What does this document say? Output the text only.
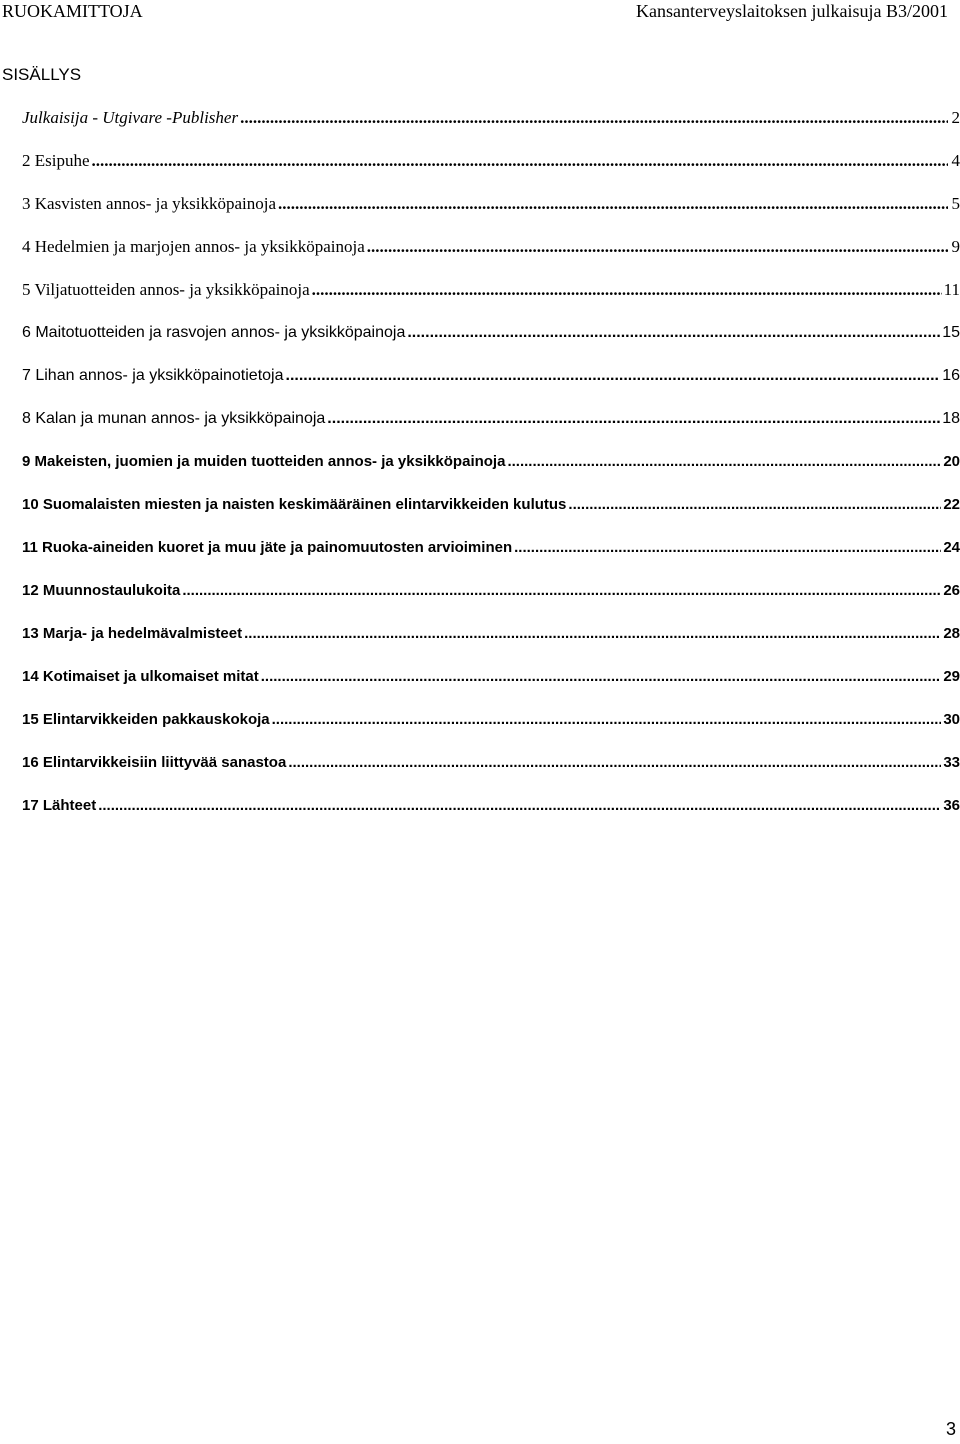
RUOKAMITTOJA	Kansanterveyslaitoksen julkaisuja B3/2001
SISÄLLYS
Julkaisija - Utgivare -Publisher .....	2
2 Esipuhe .....	4
3 Kasvisten annos- ja yksikköpainoja .....	5
4 Hedelmien ja marjojen annos- ja yksikköpainoja .....	9
5 Viljatuotteiden annos- ja yksikköpainoja .....	11
6 Maitotuotteiden ja rasvojen annos- ja yksikköpainoja .....	15
7 Lihan annos- ja yksikköpainotietoja .....	16
8 Kalan ja munan annos- ja yksikköpainoja .....	18
9 Makeisten, juomien ja muiden tuotteiden annos- ja yksikköpainoja .....	20
10 Suomalaisten miesten ja naisten keskimääräinen elintarvikkeiden kulutus .....	22
11 Ruoka-aineiden kuoret ja muu jäte ja painomuutosten arvioiminen .....	24
12 Muunnostaulukoita .....	26
13 Marja- ja hedelmävalmisteet .....	28
14 Kotimaiset ja ulkomaiset mitat .....	29
15 Elintarvikkeiden pakkauskokoja .....	30
16 Elintarvikkeisiin liittyvää sanastoa .....	33
17 Lähteet .....	36
3
